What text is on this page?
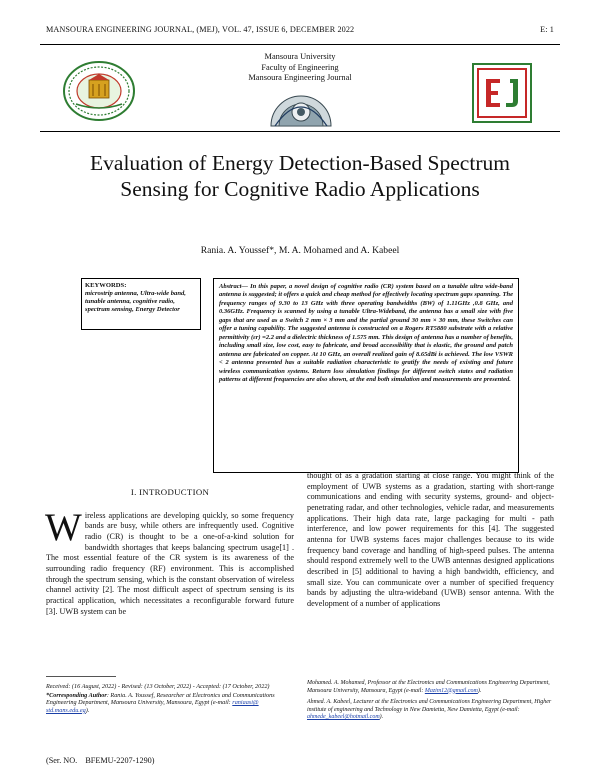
MANSOURA ENGINEERING JOURNAL, (MEJ), VOL. 47, ISSUE 6, DECEMBER 2022	E: 1
Mansoura University
Faculty of Engineering
Mansoura Engineering Journal
Evaluation of Energy Detection-Based Spectrum Sensing for Cognitive Radio Applications
Rania. A. Youssef*, M. A. Mohamed and A. Kabeel
KEYWORDS:
microstrip antenna, Ultra-wide band, tunable antenna, cognitive radio, spectrum sensing, Energy Detector
Abstract— In this paper, a novel design of cognitive radio (CR) system based on a tunable ultra wide-band antenna is suggested; it offers a quick and cheap method for effectively locating spectrum gaps spanning. The frequency ranges of 9.30 to 13 GHz with three operating bandwidths (BW) of 1.11GHz ,0.8 GHz, and 0.36GHz. Frequency is scanned by using a tunable Ultra-Wideband, the antenna has a small size with five gaps that are used as a Switch 2 mm × 3 mm and the partial ground 30 mm × 30 mm, these Switches can offer a tuning capability. The suggested antenna is constructed on a Rogers RT5880 substrate with a relative permittivity (εr) =2.2 and a dielectric thickness of 1.575 mm. This design of antenna has a number of benefits, including small size, low cost, easy to fabricate, and broad accessibility that is elastic, the ground and patch antenna are fabricated on copper. At 10 GHz, an overall realized gain of 8.65dBi is achieved. The low VSWR < 2 antenna presented has a suitable radiation characteristic to gratify the needs of existing and future wireless communication systems. Return loss simulation findings for different switch states and radiation patterns at different frequencies are also shown, at the end both simulation and measurements are presented.
I. INTRODUCTION
Wireless applications are developing quickly, so some frequency bands are busy, while others are infrequently used. Cognitive radio (CR) is thought to be a one-of-a-kind solution for bandwidth shortages that keeps balancing spectrum usage[1] . The most essential feature of the CR system is its awareness of the surrounding radio frequency (RF) environment. This is accomplished through the spectrum sensing, which is the constant observation of wireless channel activity [2]. The most difficult aspect of spectrum sensing is its practical application, which necessitates a reconfigurable forward future [3]. UWB system can be
thought of as a gradation starting at close range. You might think of the employment of UWB systems as a gradation, starting with short-range communications and ending with security systems, ground- and object-penetrating radar, and other technologies, vehicle radar, and measurements applications. Their high data rate, large packaging for multi - path interference, and low power requirements for this [4]. The suggested antenna for UWB systems faces major challenges because to its wide frequency band coverage and handling of high-speed pulses. The antenna should respond extremely well to the UWB antennas designed applications described in [5] additional to having a high bandwidth, efficiency, and small size. You can communicate over a number of specified frequency bands by adjusting the ultra-wideband (UWB) sensor antenna. With the development of a number of applications
Received: (16 August, 2022) - Revised: (13 October, 2022) - Accepted: (17 October, 2022)
*Corresponding Author: Rania. A. Youssef, Researcher at Electronics and Communications Engineering Department, Mansoura University, Mansoura, Egypt (e-mail: raniaasi@ std.mans.edu.eg).
Mohamed. A. Mohamed, Professor at the Electronics and Communications Engineering Department, Mansoura University, Mansoura, Egypt (e-mail: Mazim12@gmail.com).
Ahmed. A. Kabeel, Lecturer at the Electronics and Communications Engineering Department, Higher institute of engineering and Technology in New Damietta, New Damietta, Egypt (e-mail: ahmede_kabeel@hotmail.com).
(Ser. NO.    BFEMU-2207-1290)
